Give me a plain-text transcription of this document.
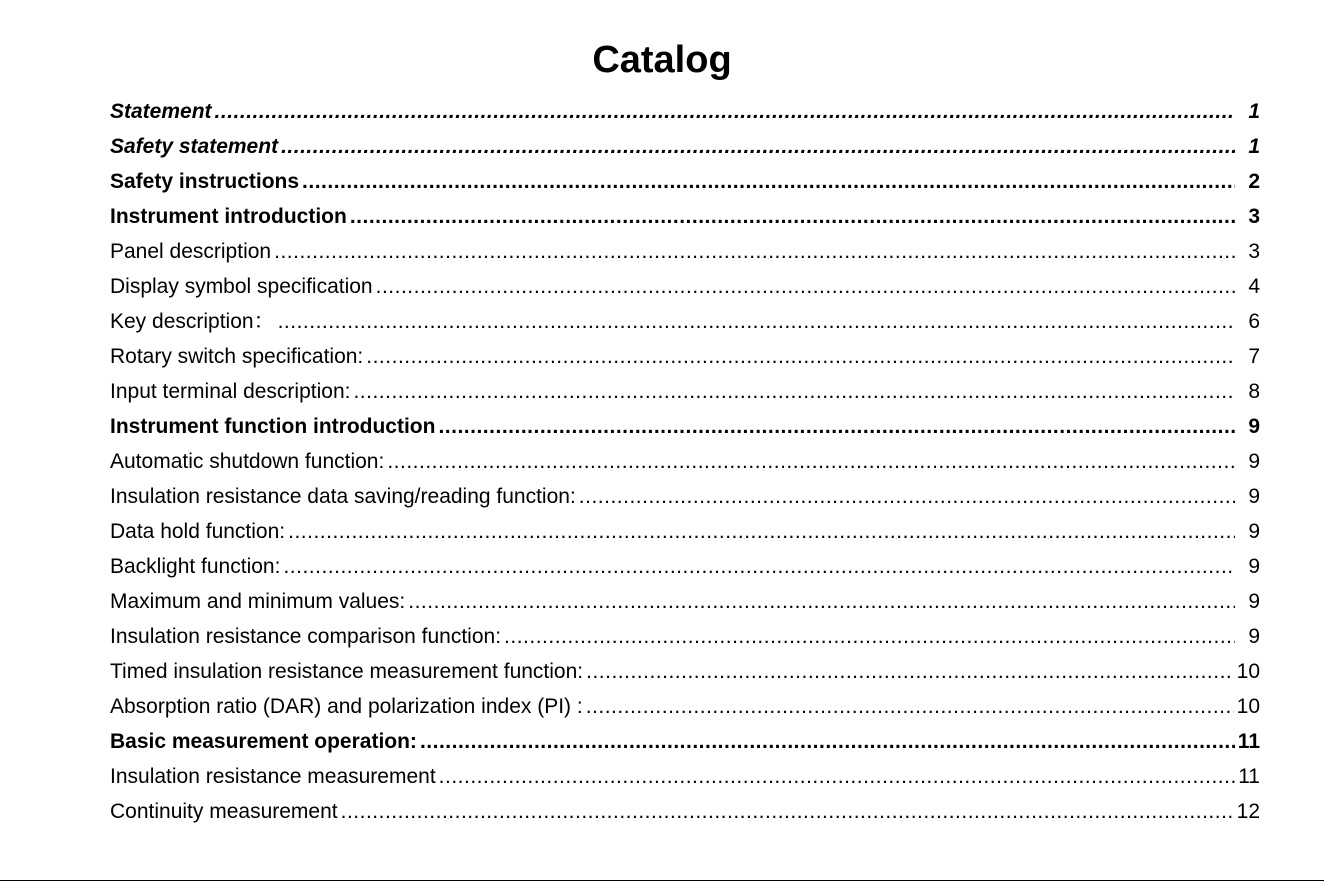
Catalog
Statement .....	1
Safety statement .....	1
Safety instructions .....	2
Instrument introduction .....	3
Panel description .....	3
Display symbol specification .....	4
Key description： .....	6
Rotary switch specification: .....	7
Input terminal description: .....	8
Instrument function introduction .....	9
Automatic shutdown function: .....	9
Insulation resistance data saving/reading function: .....	9
Data hold function: .....	9
Backlight function: .....	9
Maximum and minimum values: .....	9
Insulation resistance comparison function: .....	9
Timed insulation resistance measurement function: .....	10
Absorption ratio (DAR) and polarization index (PI) : .....	10
Basic measurement operation: .....	11
Insulation resistance measurement .....	11
Continuity measurement .....	12
